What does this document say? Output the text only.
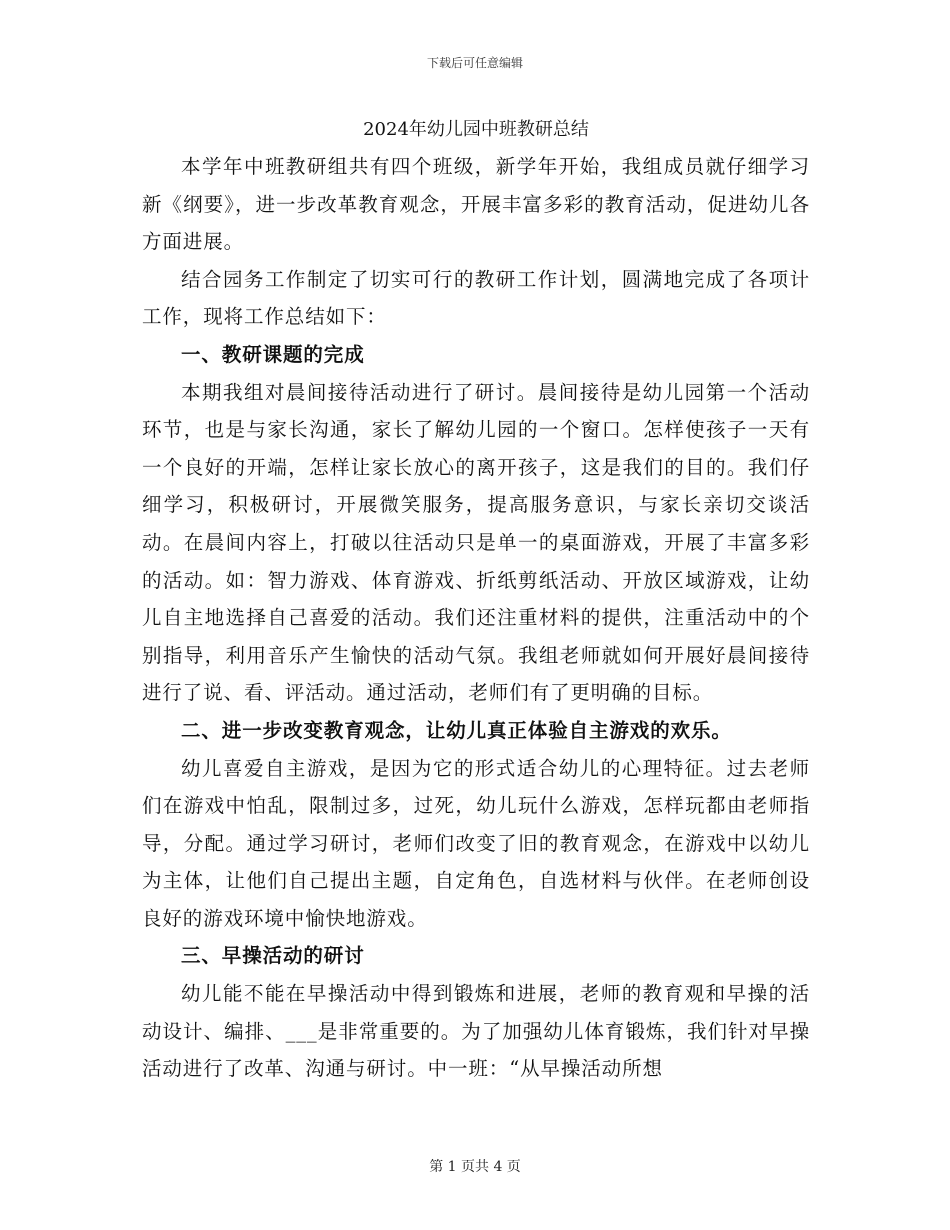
下载后可任意编辑
2024年幼儿园中班教研总结

本学年中班教研组共有四个班级，新学年开始，我组成员就仔细学习新《纲要》，进一步改革教育观念，开展丰富多彩的教育活动，促进幼儿各方面进展。

结合园务工作制定了切实可行的教研工作计划，圆满地完成了各项计工作，现将工作总结如下：

一、教研课题的完成

本期我组对晨间接待活动进行了研讨。晨间接待是幼儿园第一个活动环节，也是与家长沟通，家长了解幼儿园的一个窗口。怎样使孩子一天有一个良好的开端，怎样让家长放心的离开孩子，这是我们的目的。我们仔细学习，积极研讨，开展微笑服务，提高服务意识，与家长亲切交谈活动。在晨间内容上，打破以往活动只是单一的桌面游戏，开展了丰富多彩的活动。如：智力游戏、体育游戏、折纸剪纸活动、开放区域游戏，让幼儿自主地选择自己喜爱的活动。我们还注重材料的提供，注重活动中的个别指导，利用音乐产生愉快的活动气氛。我组老师就如何开展好晨间接待进行了说、看、评活动。通过活动，老师们有了更明确的目标。

二、进一步改变教育观念，让幼儿真正体验自主游戏的欢乐。

幼儿喜爱自主游戏，是因为它的形式适合幼儿的心理特征。过去老师们在游戏中怕乱，限制过多，过死，幼儿玩什么游戏，怎样玩都由老师指导，分配。通过学习研讨，老师们改变了旧的教育观念，在游戏中以幼儿为主体，让他们自己提出主题，自定角色，自选材料与伙伴。在老师创设良好的游戏环境中愉快地游戏。

三、早操活动的研讨

幼儿能不能在早操活动中得到锻炼和进展，老师的教育观和早操的活动设计、编排、___是非常重要的。为了加强幼儿体育锻炼，我们针对早操活动进行了改革、沟通与研讨。中一班：“从早操活动所想

第 1 页共 4 页
